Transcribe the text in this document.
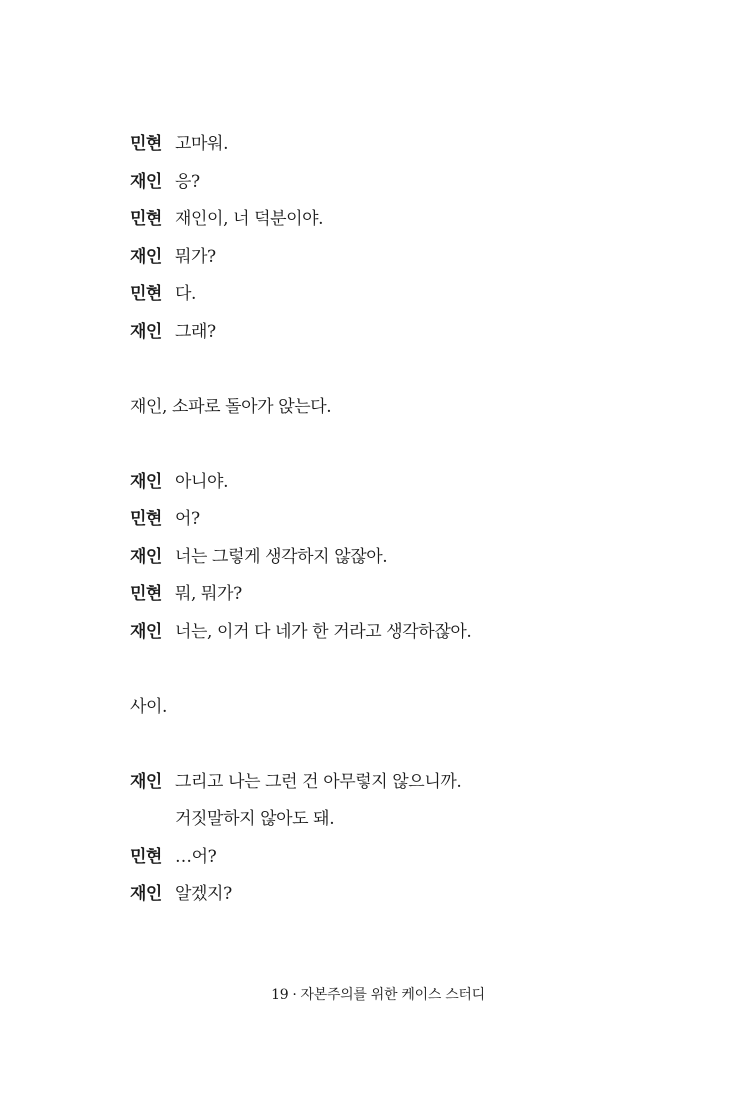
민현 고마워.
재인 응?
민현 재인이, 너 덕분이야.
재인 뭐가?
민현 다.
재인 그래?
재인, 소파로 돌아가 앉는다.
재인 아니야.
민현 어?
재인 너는 그렇게 생각하지 않잖아.
민현 뭐, 뭐가?
재인 너는, 이거 다 네가 한 거라고 생각하잖아.
사이.
재인 그리고 나는 그런 건 아무렇지 않으니까.
거짓말하지 않아도 돼.
민현 …어?
재인 알겠지?
19 · 자본주의를 위한 케이스 스터디
